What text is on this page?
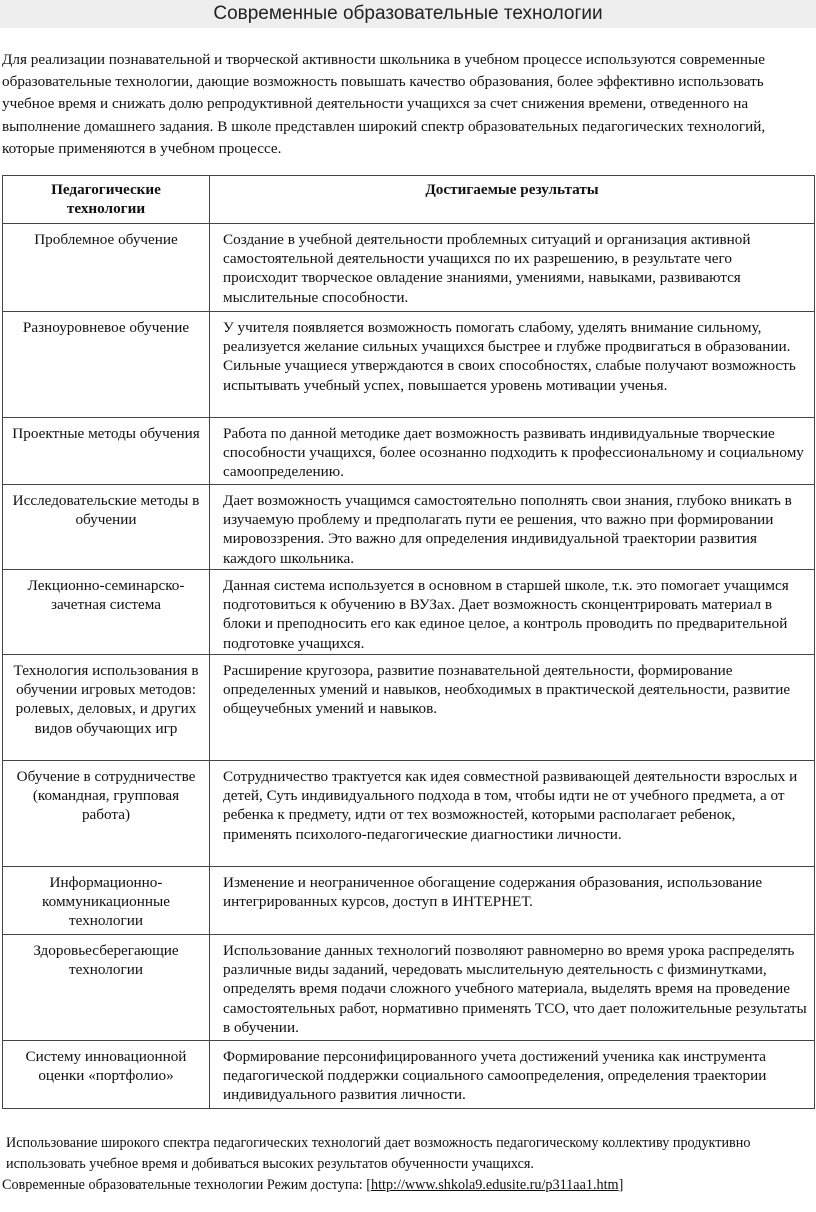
Современные образовательные технологии
Для реализации познавательной и творческой активности школьника в учебном процессе используются современные образовательные технологии, дающие возможность повышать качество образования, более эффективно использовать учебное время и снижать долю репродуктивной деятельности учащихся за счет снижения времени, отведенного на выполнение домашнего задания. В школе представлен широкий спектр образовательных педагогических технологий, которые применяются в учебном процессе.
Педагогические технологии	Достигаемые результаты
Проблемное обучение	Создание в учебной деятельности проблемных ситуаций и организация активной самостоятельной деятельности учащихся по их разрешению, в результате чего происходит творческое овладение знаниями, умениями, навыками, развиваются мыслительные способности.
Разноуровневое обучение	У учителя появляется возможность помогать слабому, уделять внимание сильному, реализуется желание сильных учащихся быстрее и глубже продвигаться в образовании. Сильные учащиеся утверждаются в своих способностях, слабые получают возможность испытывать учебный успех, повышается уровень мотивации ученья.
Проектные методы обучения	Работа по данной методике дает возможность развивать индивидуальные творческие способности учащихся, более осознанно подходить к профессиональному и социальному самоопределению.
Исследовательские методы в обучении	Дает возможность учащимся самостоятельно пополнять свои знания, глубоко вникать в изучаемую проблему и предполагать пути ее решения, что важно при формировании мировоззрения. Это важно для определения индивидуальной траектории развития каждого школьника.
Лекционно-семинарско-зачетная система	Данная система используется в основном в старшей школе, т.к. это помогает учащимся подготовиться к обучению в ВУЗах. Дает возможность сконцентрировать материал в блоки и преподносить его как единое целое, а контроль проводить по предварительной подготовке учащихся.
Технология использования в обучении игровых методов: ролевых, деловых, и других видов обучающих игр	Расширение кругозора, развитие познавательной деятельности, формирование определенных умений и навыков, необходимых в практической деятельности, развитие общеучебных умений и навыков.
Обучение в сотрудничестве (командная, групповая работа)	Сотрудничество трактуется как идея совместной развивающей деятельности взрослых и детей, Суть индивидуального подхода в том, чтобы идти не от учебного предмета, а от ребенка к предмету, идти от тех возможностей, которыми располагает ребенок, применять психолого-педагогические диагностики личности.
Информационно-коммуникационные технологии	Изменение и неограниченное обогащение содержания образования, использование интегрированных курсов, доступ в ИНТЕРНЕТ.
Здоровьесберегающие технологии	Использование данных технологий позволяют равномерно во время урока распределять различные виды заданий, чередовать мыслительную деятельность с физминутками, определять время подачи сложного учебного материала, выделять время на проведение самостоятельных работ, нормативно применять ТСО, что дает положительные результаты в обучении.
Систему инновационной оценки «портфолио»	Формирование персонифицированного учета достижений ученика как инструмента педагогической поддержки социального самоопределения, определения траектории индивидуального развития личности.
Использование широкого спектра педагогических технологий дает возможность педагогическому коллективу продуктивно использовать учебное время и добиваться высоких результатов обученности учащихся.
Современные образовательные технологии Режим доступа: [http://www.shkola9.edusite.ru/p311aa1.htm]
